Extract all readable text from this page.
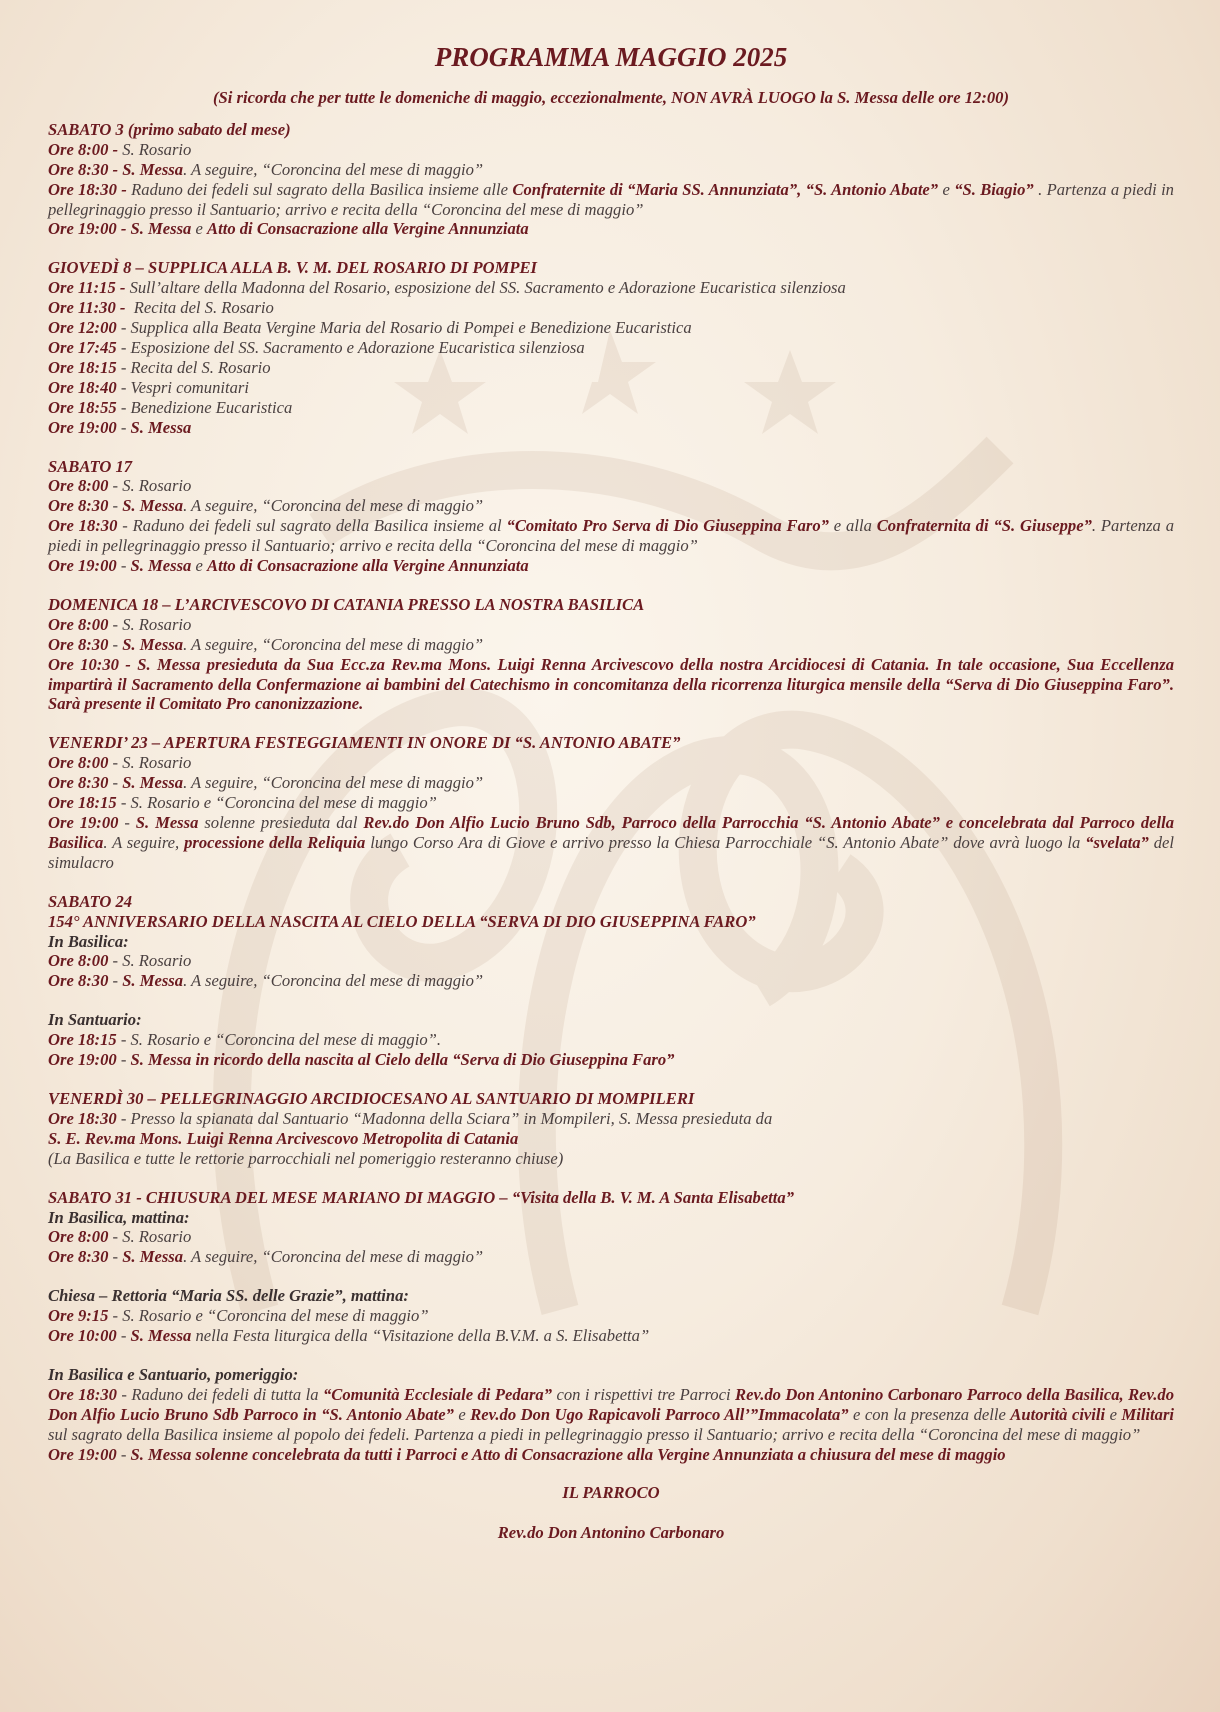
PROGRAMMA MAGGIO 2025
(Si ricorda che per tutte le domeniche di maggio, eccezionalmente, NON AVRÀ LUOGO la S. Messa delle ore 12:00)
SABATO 3 (primo sabato del mese)
Ore 8:00 - S. Rosario
Ore 8:30 - S. Messa. A seguire, “Coroncina del mese di maggio”
Ore 18:30 - Raduno dei fedeli sul sagrato della Basilica insieme alle Confraternite di “Maria SS. Annunziata”, “S. Antonio Abate” e “S. Biagio” . Partenza a piedi in pellegrinaggio presso il Santuario; arrivo e recita della “Coroncina del mese di maggio”
Ore 19:00 - S. Messa e Atto di Consacrazione alla Vergine Annunziata
GIOVEDÌ 8 – SUPPLICA ALLA B. V. M. DEL ROSARIO DI POMPEI
Ore 11:15 - Sull’altare della Madonna del Rosario, esposizione del SS. Sacramento e Adorazione Eucaristica silenziosa
Ore 11:30 -  Recita del S. Rosario
Ore 12:00 - Supplica alla Beata Vergine Maria del Rosario di Pompei e Benedizione Eucaristica
Ore 17:45 - Esposizione del SS. Sacramento e Adorazione Eucaristica silenziosa
Ore 18:15 - Recita del S. Rosario
Ore 18:40 - Vespri comunitari
Ore 18:55 - Benedizione Eucaristica
Ore 19:00 - S. Messa
SABATO 17
Ore 8:00 - S. Rosario
Ore 8:30 - S. Messa. A seguire, “Coroncina del mese di maggio”
Ore 18:30 - Raduno dei fedeli sul sagrato della Basilica insieme al “Comitato Pro Serva di Dio Giuseppina Faro” e alla Confraternita di “S. Giuseppe”. Partenza a piedi in pellegrinaggio presso il Santuario; arrivo e recita della “Coroncina del mese di maggio”
Ore 19:00 - S. Messa e Atto di Consacrazione alla Vergine Annunziata
DOMENICA 18 – L’ARCIVESCOVO DI CATANIA PRESSO LA NOSTRA BASILICA
Ore 8:00 - S. Rosario
Ore 8:30 - S. Messa. A seguire, “Coroncina del mese di maggio”
Ore 10:30 - S. Messa presieduta da Sua Ecc.za Rev.ma Mons. Luigi Renna Arcivescovo della nostra Arcidiocesi di Catania. In tale occasione, Sua Eccellenza impartirà il Sacramento della Confermazione ai bambini del Catechismo in concomitanza della ricorrenza liturgica mensile della “Serva di Dio Giuseppina Faro”. Sarà presente il Comitato Pro canonizzazione.
VENERDI’ 23 – APERTURA FESTEGGIAMENTI IN ONORE DI “S. ANTONIO ABATE”
Ore 8:00 - S. Rosario
Ore 8:30 - S. Messa. A seguire, “Coroncina del mese di maggio”
Ore 18:15 - S. Rosario e “Coroncina del mese di maggio”
Ore 19:00 - S. Messa solenne presieduta dal Rev.do Don Alfio Lucio Bruno Sdb, Parroco della Parrocchia “S. Antonio Abate” e concelebrata dal Parroco della Basilica. A seguire, processione della Reliquia lungo Corso Ara di Giove e arrivo presso la Chiesa Parrocchiale “S. Antonio Abate” dove avrà luogo la “svelata” del simulacro
SABATO 24
154° ANNIVERSARIO DELLA NASCITA AL CIELO DELLA “SERVA DI DIO GIUSEPPINA FARO”
In Basilica:
Ore 8:00 - S. Rosario
Ore 8:30 - S. Messa. A seguire, “Coroncina del mese di maggio”
In Santuario:
Ore 18:15 - S. Rosario e “Coroncina del mese di maggio”.
Ore 19:00 - S. Messa in ricordo della nascita al Cielo della “Serva di Dio Giuseppina Faro”
VENERDÌ 30 – PELLEGRINAGGIO ARCIDIOCESANO AL SANTUARIO DI MOMPILERI
Ore 18:30 - Presso la spianata dal Santuario “Madonna della Sciara” in Mompileri, S. Messa presieduta da
S. E. Rev.ma Mons. Luigi Renna Arcivescovo Metropolita di Catania
(La Basilica e tutte le rettorie parrocchiali nel pomeriggio resteranno chiuse)
SABATO 31 - CHIUSURA DEL MESE MARIANO DI MAGGIO – “Visita della B. V. M. A Santa Elisabetta”
In Basilica, mattina:
Ore 8:00 - S. Rosario
Ore 8:30 - S. Messa. A seguire, “Coroncina del mese di maggio”
Chiesa – Rettoria “Maria SS. delle Grazie”, mattina:
Ore 9:15 - S. Rosario e “Coroncina del mese di maggio”
Ore 10:00 - S. Messa nella Festa liturgica della “Visitazione della B.V.M. a S. Elisabetta”
In Basilica e Santuario, pomeriggio:
Ore 18:30 - Raduno dei fedeli di tutta la “Comunità Ecclesiale di Pedara” con i rispettivi tre Parroci Rev.do Don Antonino Carbonaro Parroco della Basilica, Rev.do Don Alfio Lucio Bruno Sdb Parroco in “S. Antonio Abate” e Rev.do Don Ugo Rapicavoli Parroco All’”Immacolata” e con la presenza delle Autorità civili e Militari sul sagrato della Basilica insieme al popolo dei fedeli. Partenza a piedi in pellegrinaggio presso il Santuario; arrivo e recita della “Coroncina del mese di maggio”
Ore 19:00 - S. Messa solenne concelebrata da tutti i Parroci e Atto di Consacrazione alla Vergine Annunziata a chiusura del mese di maggio
IL PARROCO
Rev.do Don Antonino Carbonaro
